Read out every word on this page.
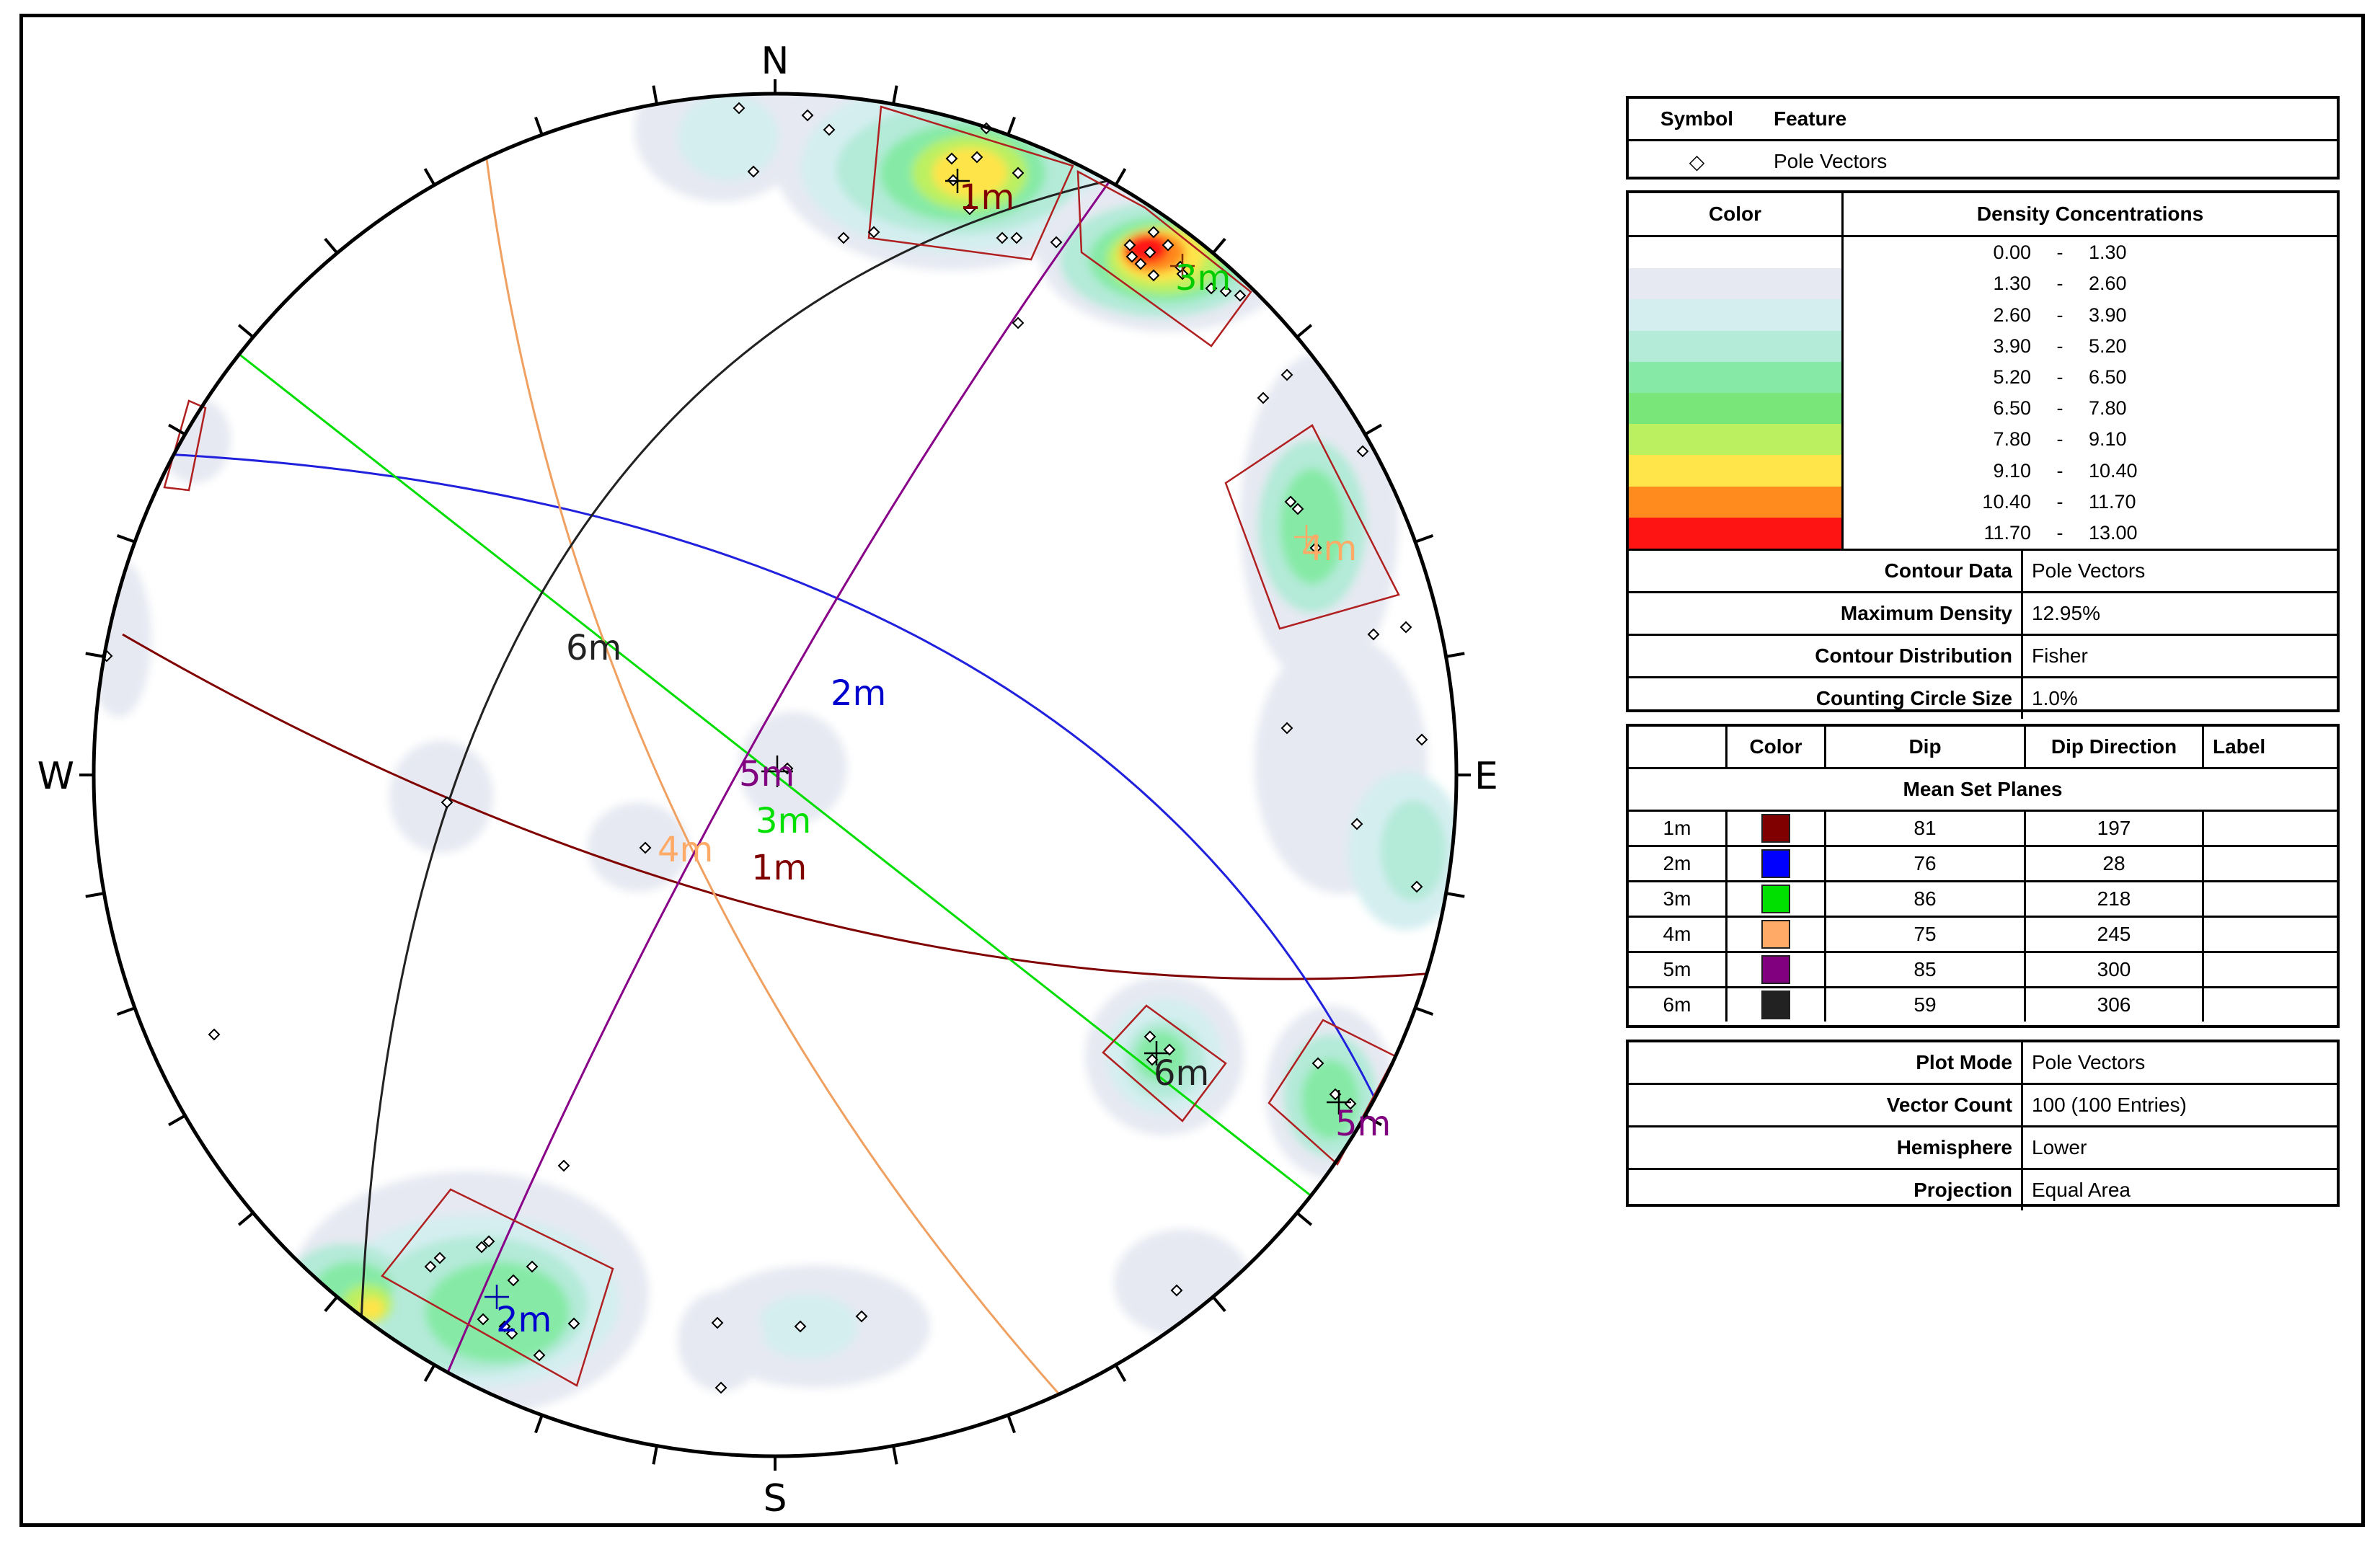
N
S
E
W
6m
2m
5m
3m
4m 1m
1m
3m
4m
6m
5m
2m
Symbol	Feature
◇	Pole Vectors
Color	Density Concentrations
0.00	-	1.30
1.30	-	2.60
2.60	-	3.90
3.90	-	5.20
5.20	-	6.50
6.50	-	7.80
7.80	-	9.10
9.10	-	10.40
10.40	-	11.70
11.70	-	13.00
Contour Data	Pole Vectors
Maximum Density	12.95%
Contour Distribution	Fisher
Counting Circle Size	1.0%
	Color	Dip	Dip Direction	Label
Mean Set Planes				
1m		81	197	
2m		76	28	
3m		86	218	
4m		75	245	
5m		85	300	
6m		59	306	
Plot Mode	Pole Vectors
Vector Count	100 (100 Entries)
Hemisphere	Lower
Projection	Equal Area
